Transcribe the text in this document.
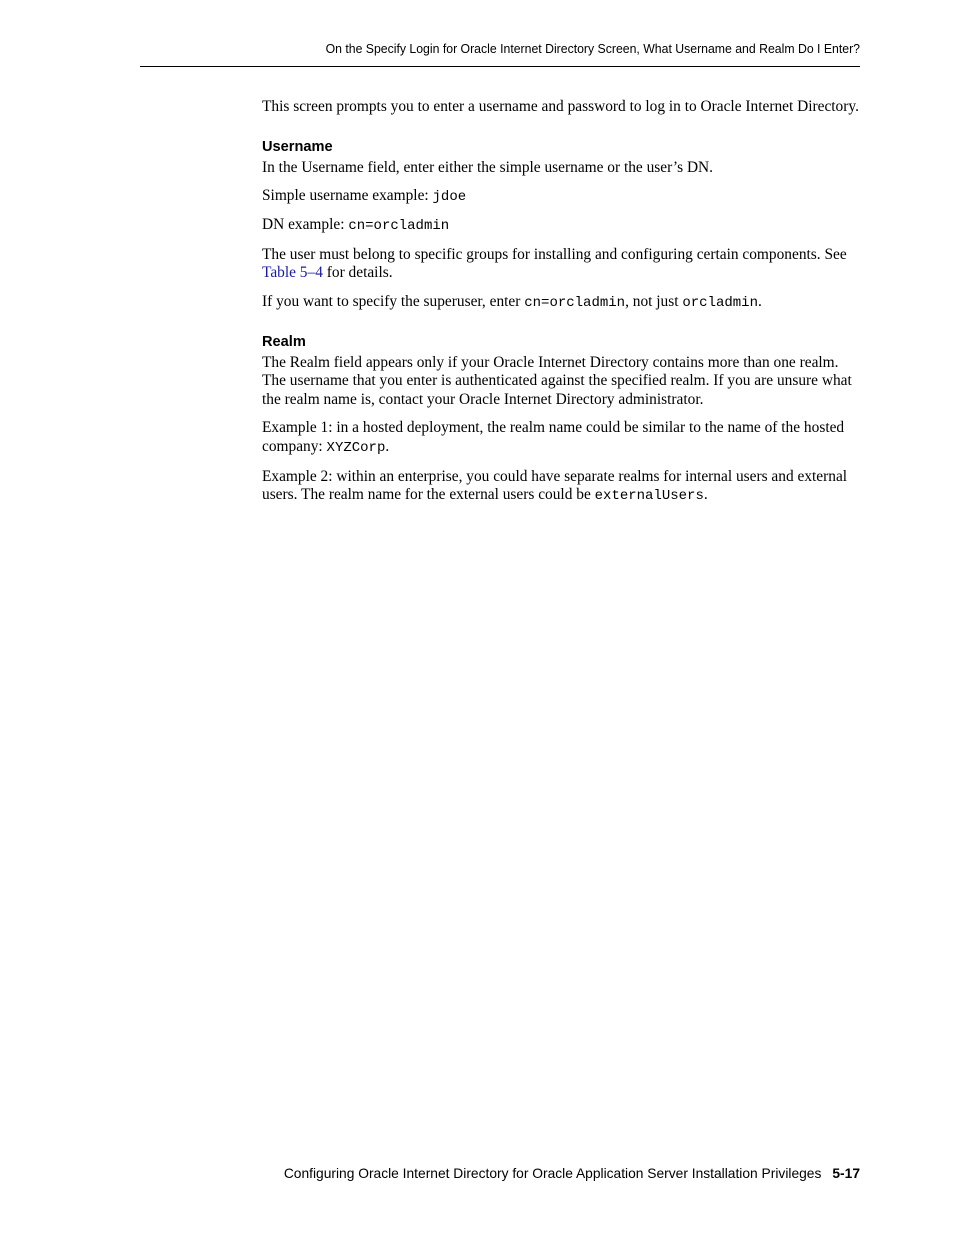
On the Specify Login for Oracle Internet Directory Screen, What Username and Realm Do I Enter?

This screen prompts you to enter a username and password to log in to Oracle Internet Directory.

Username

In the Username field, enter either the simple username or the user’s DN.

Simple username example: jdoe

DN example: cn=orcladmin

The user must belong to specific groups for installing and configuring certain components. See Table 5–4 for details.

If you want to specify the superuser, enter cn=orcladmin, not just orcladmin.

Realm

The Realm field appears only if your Oracle Internet Directory contains more than one realm. The username that you enter is authenticated against the specified realm. If you are unsure what the realm name is, contact your Oracle Internet Directory administrator.

Example 1: in a hosted deployment, the realm name could be similar to the name of the hosted company: XYZCorp.

Example 2: within an enterprise, you could have separate realms for internal users and external users. The realm name for the external users could be externalUsers.

Configuring Oracle Internet Directory for Oracle Application Server Installation Privileges 5-17
